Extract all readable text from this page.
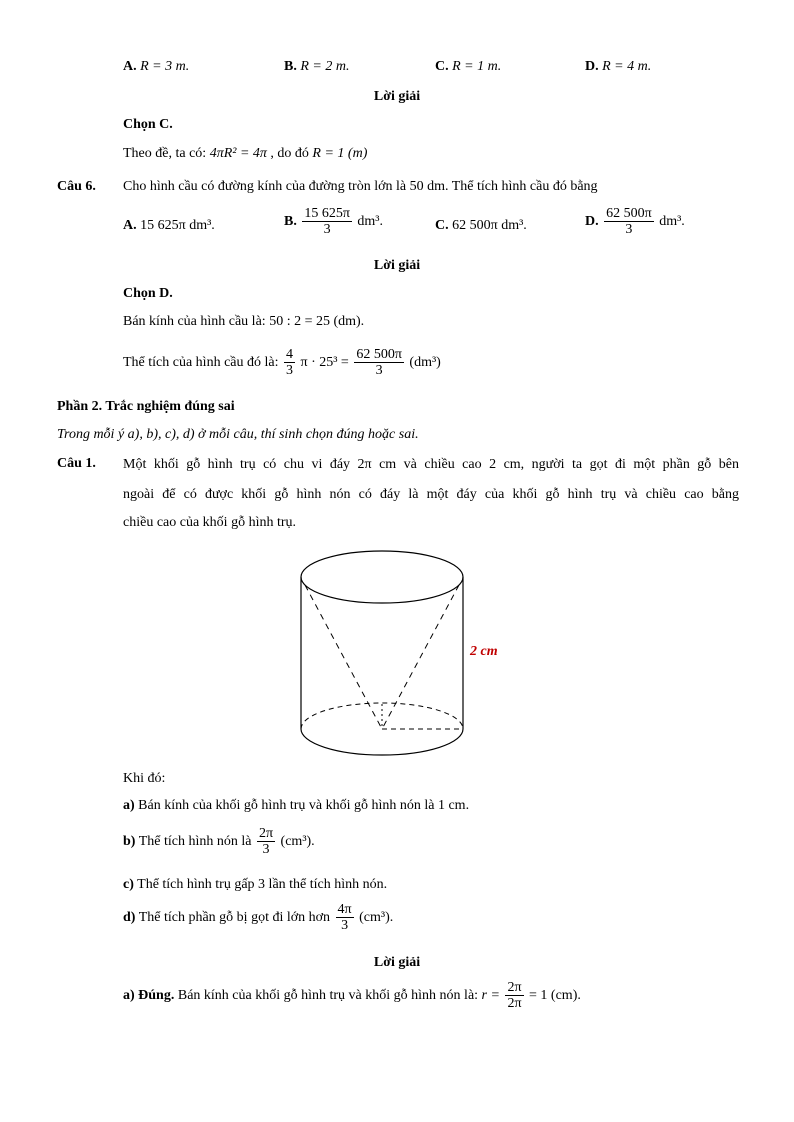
A. R = 3 m.	B. R = 2 m.	C. R = 1 m.	D. R = 4 m.
Lời giải
Chọn C.
Theo đề, ta có: 4πR² = 4π , do đó R = 1 (m)
Câu 6. Cho hình cầu có đường kính của đường tròn lớn là 50 dm. Thể tích hình cầu đó bằng
A. 15 625π dm³.	B. $\frac{15 625\pi}{3} dm^3$.	C. 62 500π dm³.	D. $\frac{62 500\pi}{3} dm^3$.
Lời giải
Chọn D.
Bán kính của hình cầu là: 50 : 2 = 25 (dm).
Thể tích của hình cầu đó là: $\frac{4}{3}$ $\pi \cdot 25^3 = \frac{62 500\pi}{3} (dm^3)$
Phần 2. Trắc nghiệm đúng sai
Trong mỗi ý a), b), c), d) ở mỗi câu, thí sinh chọn đúng hoặc sai.
Câu 1. Một khối gỗ hình trụ có chu vi đáy 2π cm và chiều cao 2 cm, người ta gọt đi một phần gỗ bên
ngoài để có được khối gỗ hình nón có đáy là một đáy của khối gỗ hình trụ và chiều cao bằng
chiều cao của khối gỗ hình trụ.
2 cm
Khi đó:
a) Bán kính của khối gỗ hình trụ và khối gỗ hình nón là 1 cm.
b) Thể tích hình nón là $\frac{2\pi}{3} (cm^3)$.
c) Thể tích hình trụ gấp 3 lần thể tích hình nón.
d) Thể tích phần gỗ bị gọt đi lớn hơn $\frac{4\pi}{3} (cm^3)$.
Lời giải
a) Đúng. Bán kính của khối gỗ hình trụ và khối gỗ hình nón là: $r = \frac{2\pi}{2\pi} = 1$ (cm).
